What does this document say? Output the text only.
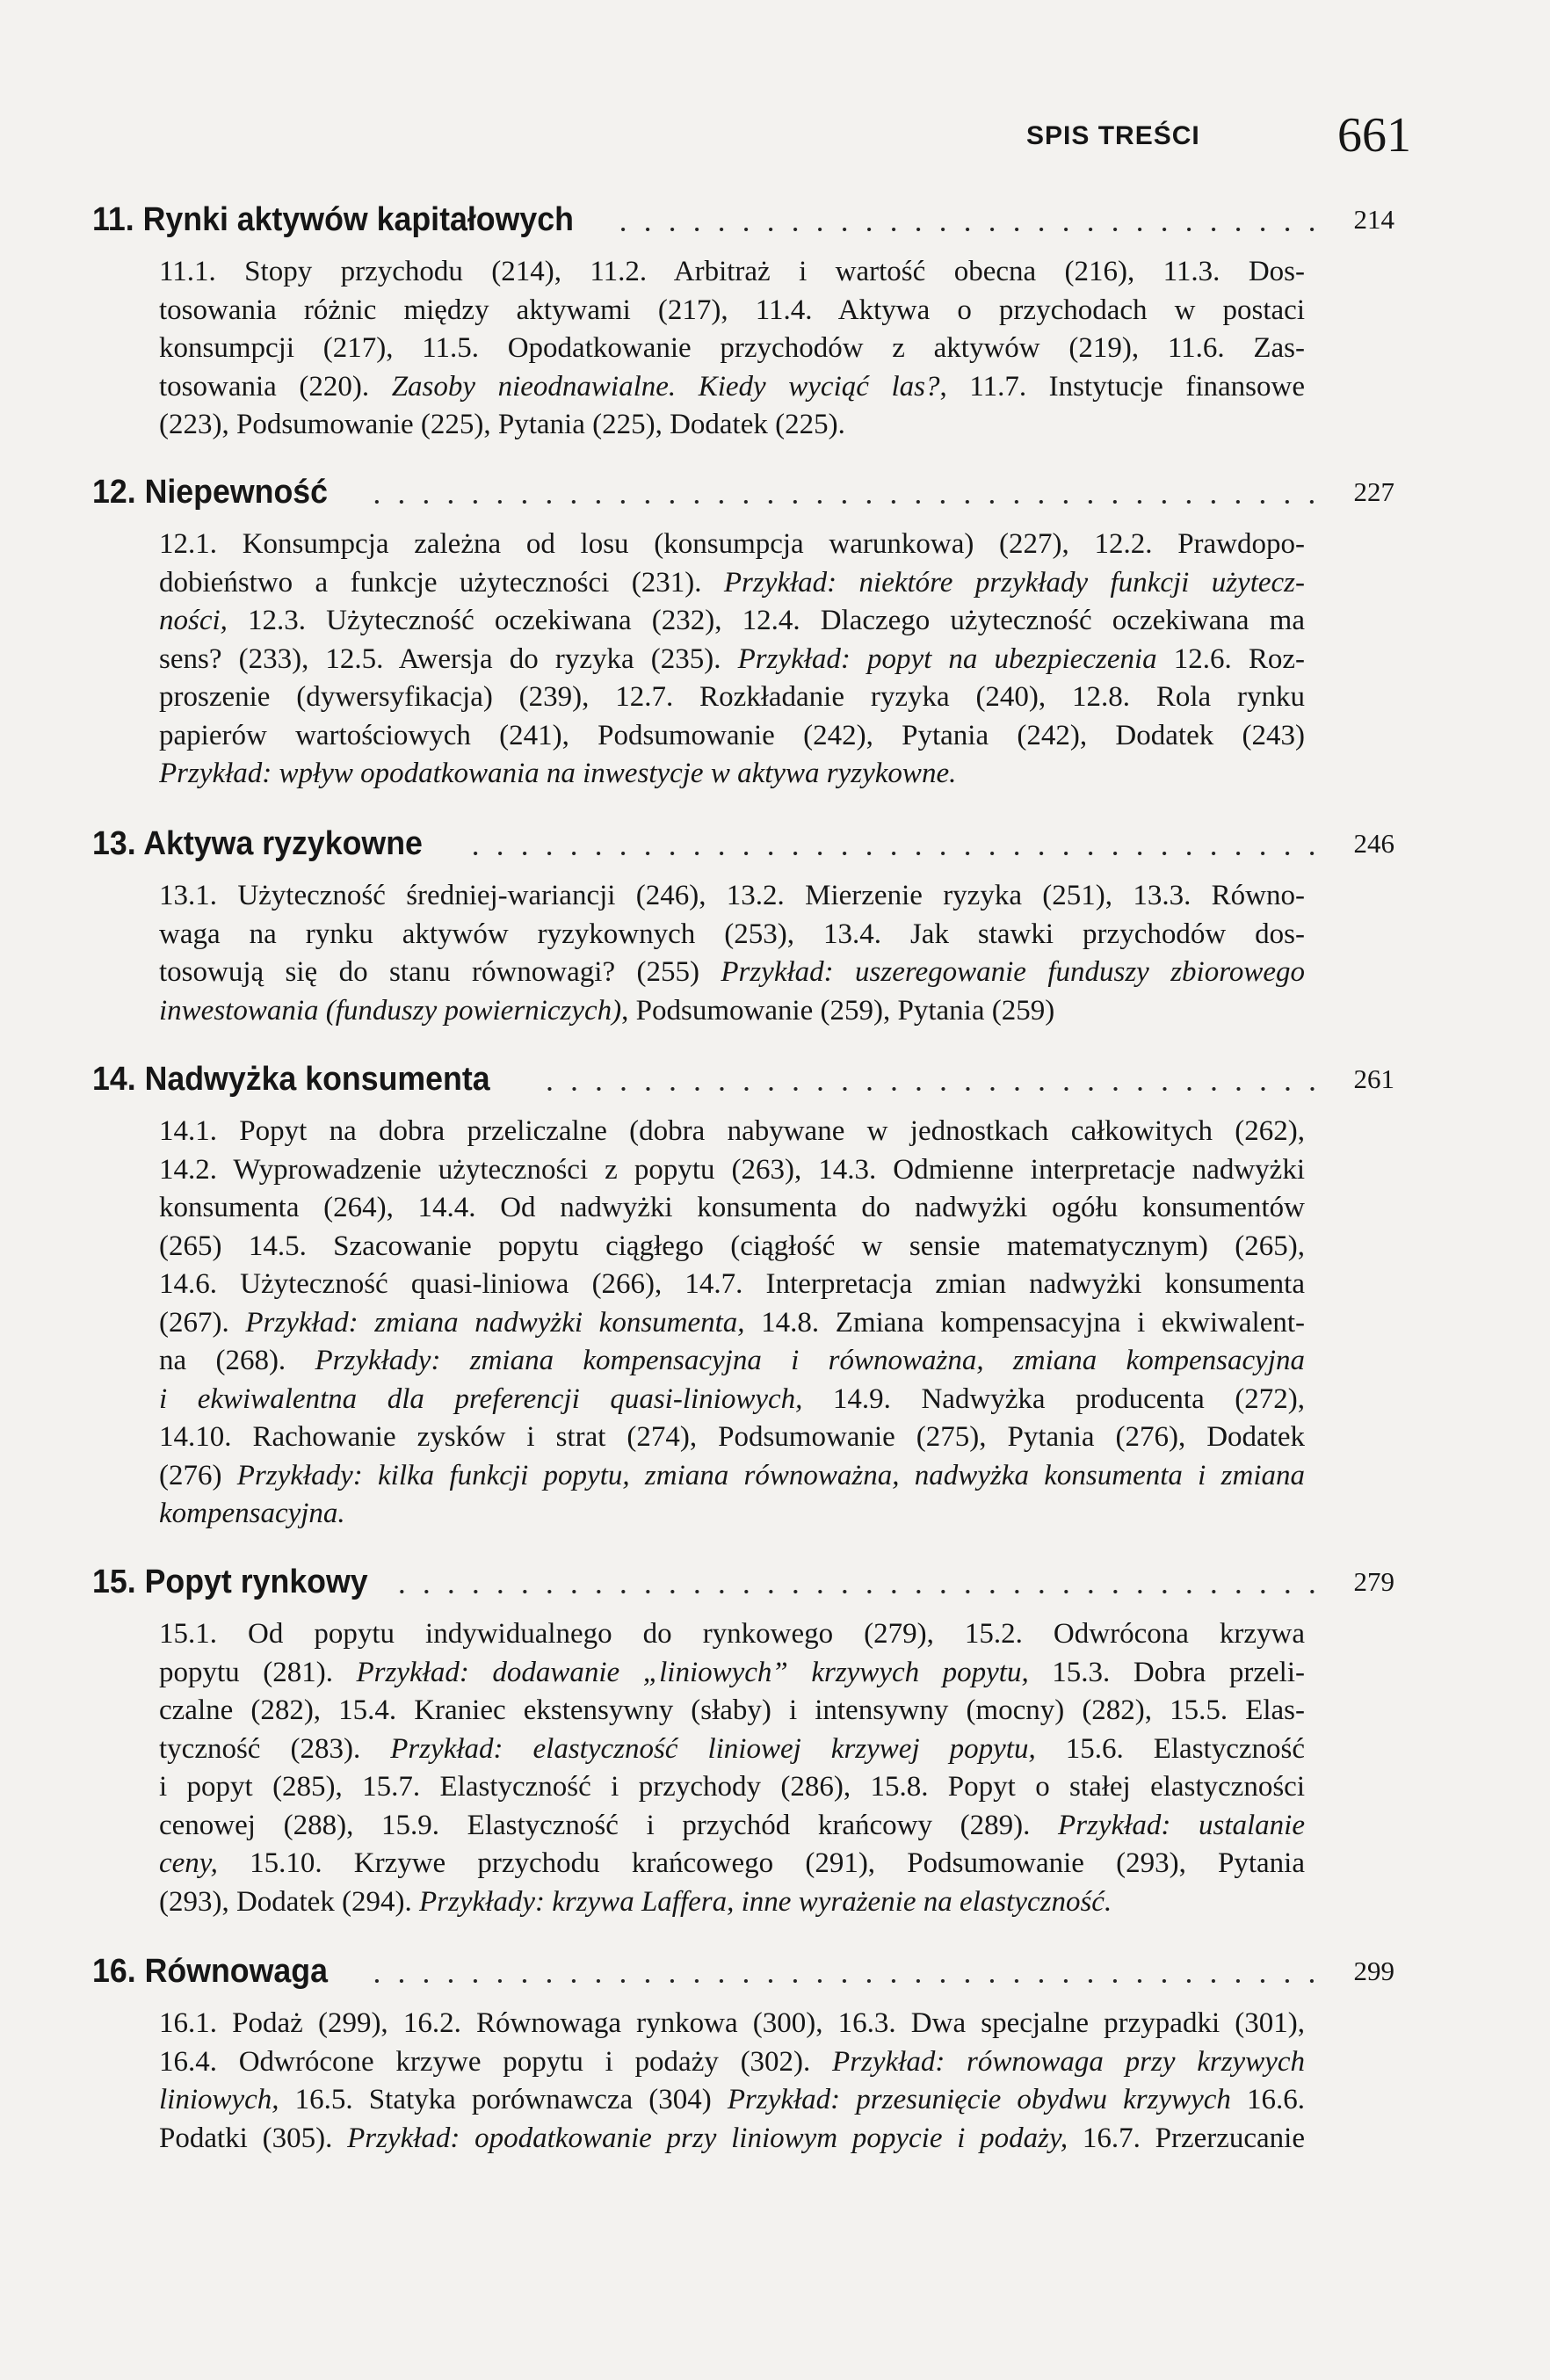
SPIS TREŚCI	661
11. Rynki aktywów kapitałowych	214
11.1. Stopy przychodu (214), 11.2. Arbitraż i wartość obecna (216), 11.3. Dos-
tosowania różnic między aktywami (217), 11.4. Aktywa o przychodach w postaci
konsumpcji (217), 11.5. Opodatkowanie przychodów z aktywów (219), 11.6. Zas-
tosowania (220). Zasoby nieodnawialne. Kiedy wyciąć las?, 11.7. Instytucje finansowe
(223), Podsumowanie (225), Pytania (225), Dodatek (225).
12. Niepewność	227
12.1. Konsumpcja zależna od losu (konsumpcja warunkowa) (227), 12.2. Prawdopo-
dobieństwo a funkcje użyteczności (231). Przykład: niektóre przykłady funkcji użytecz-
ności, 12.3. Użyteczność oczekiwana (232), 12.4. Dlaczego użyteczność oczekiwana ma
sens? (233), 12.5. Awersja do ryzyka (235). Przykład: popyt na ubezpieczenia 12.6. Roz-
proszenie (dywersyfikacja) (239), 12.7. Rozkładanie ryzyka (240), 12.8. Rola rynku
papierów wartościowych (241), Podsumowanie (242), Pytania (242), Dodatek (243)
Przykład: wpływ opodatkowania na inwestycje w aktywa ryzykowne.
13. Aktywa ryzykowne	246
13.1. Użyteczność średniej-wariancji (246), 13.2. Mierzenie ryzyka (251), 13.3. Równo-
waga na rynku aktywów ryzykownych (253), 13.4. Jak stawki przychodów dos-
tosowują się do stanu równowagi? (255) Przykład: uszeregowanie funduszy zbiorowego
inwestowania (funduszy powierniczych), Podsumowanie (259), Pytania (259)
14. Nadwyżka konsumenta	261
14.1. Popyt na dobra przeliczalne (dobra nabywane w jednostkach całkowitych (262),
14.2. Wyprowadzenie użyteczności z popytu (263), 14.3. Odmienne interpretacje nadwyżki
konsumenta (264), 14.4. Od nadwyżki konsumenta do nadwyżki ogółu konsumentów
(265) 14.5. Szacowanie popytu ciągłego (ciągłość w sensie matematycznym) (265),
14.6. Użyteczność quasi-liniowa (266), 14.7. Interpretacja zmian nadwyżki konsumenta
(267). Przykład: zmiana nadwyżki konsumenta, 14.8. Zmiana kompensacyjna i ekwiwalent-
na (268). Przykłady: zmiana kompensacyjna i równoważna, zmiana kompensacyjna
i ekwiwalentna dla preferencji quasi-liniowych, 14.9. Nadwyżka producenta (272),
14.10. Rachowanie zysków i strat (274), Podsumowanie (275), Pytania (276), Dodatek
(276) Przykłady: kilka funkcji popytu, zmiana równoważna, nadwyżka konsumenta i zmiana
kompensacyjna.
15. Popyt rynkowy	279
15.1. Od popytu indywidualnego do rynkowego (279), 15.2. Odwrócona krzywa
popytu (281). Przykład: dodawanie „liniowych” krzywych popytu, 15.3. Dobra przeli-
czalne (282), 15.4. Kraniec ekstensywny (słaby) i intensywny (mocny) (282), 15.5. Elas-
tyczność (283). Przykład: elastyczność liniowej krzywej popytu, 15.6. Elastyczność
i popyt (285), 15.7. Elastyczność i przychody (286), 15.8. Popyt o stałej elastyczności
cenowej (288), 15.9. Elastyczność i przychód krańcowy (289). Przykład: ustalanie
ceny, 15.10. Krzywe przychodu krańcowego (291), Podsumowanie (293), Pytania
(293), Dodatek (294). Przykłady: krzywa Laffera, inne wyrażenie na elastyczność.
16. Równowaga	299
16.1. Podaż (299), 16.2. Równowaga rynkowa (300), 16.3. Dwa specjalne przypadki (301),
16.4. Odwrócone krzywe popytu i podaży (302). Przykład: równowaga przy krzywych
liniowych, 16.5. Statyka porównawcza (304) Przykład: przesunięcie obydwu krzywych 16.6.
Podatki (305). Przykład: opodatkowanie przy liniowym popycie i podaży, 16.7. Przerzucanie
